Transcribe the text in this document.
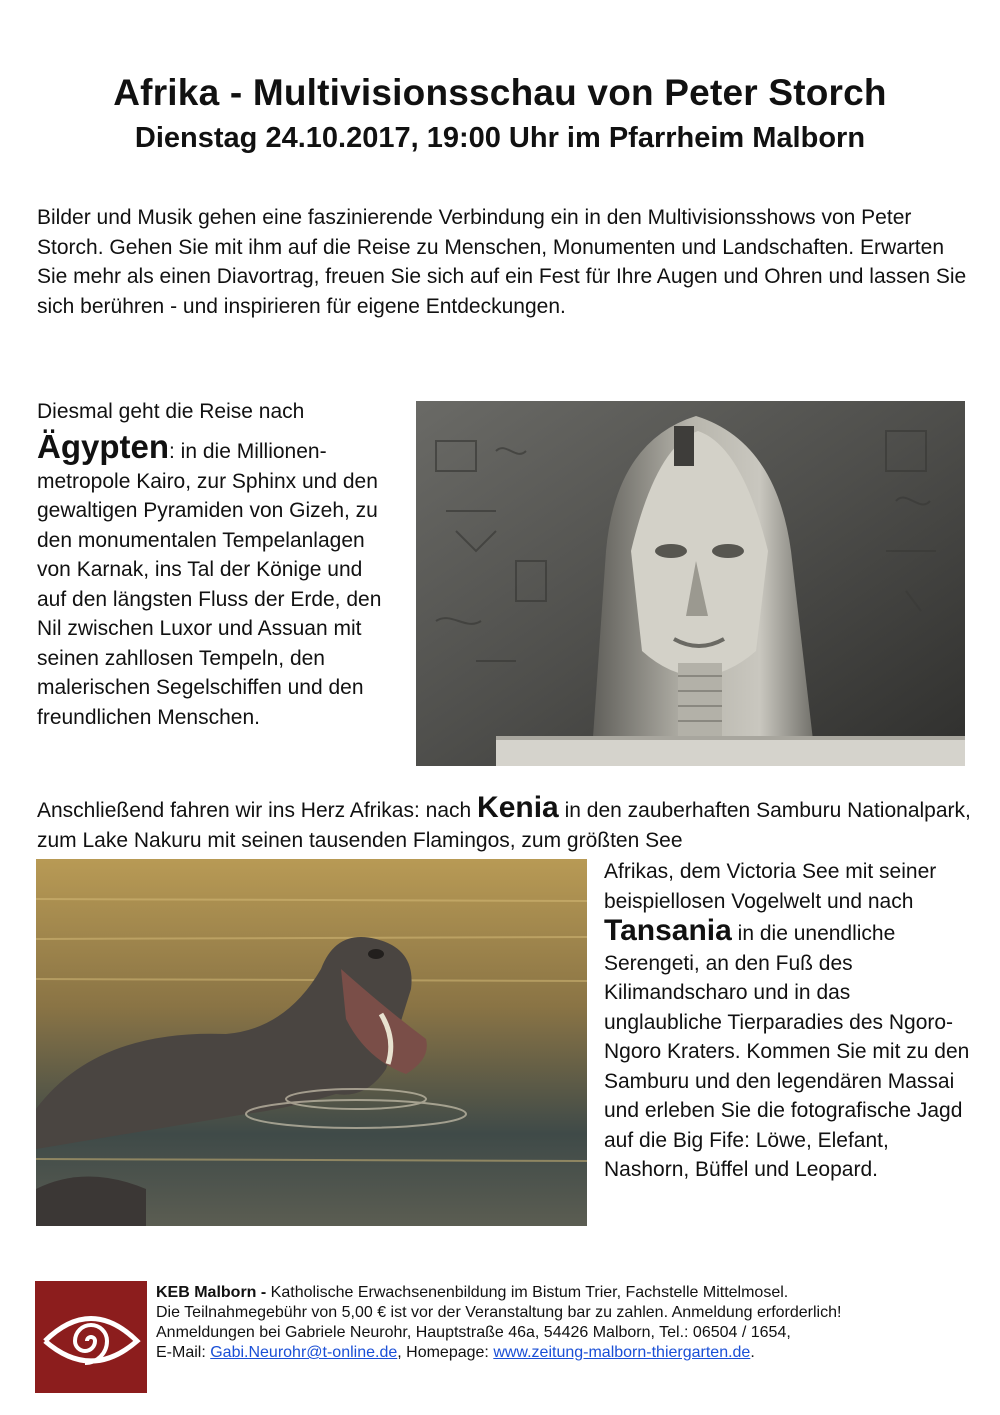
Afrika - Multivisionsschau von Peter Storch
Dienstag 24.10.2017, 19:00 Uhr im Pfarrheim Malborn

Bilder und Musik gehen eine faszinierende Verbindung ein in den Multivisionsshows von Peter Storch. Gehen Sie mit ihm auf die Reise zu Menschen, Monumenten und Landschaften. Erwarten Sie mehr als einen Diavortrag, freuen Sie sich auf ein Fest für Ihre Augen und Ohren und lassen Sie sich berühren - und inspirieren für eigene Entdeckungen.

Diesmal geht die Reise nach
Ägypten: in die Millionen-metropole Kairo, zur Sphinx und den gewaltigen Pyramiden von Gizeh, zu den monumentalen Tempelanlagen von Karnak, ins Tal der Könige und auf den längsten Fluss der Erde, den Nil zwischen Luxor und Assuan mit seinen zahllosen Tempeln, den malerischen Segelschiffen und den freundlichen Menschen.

Anschließend fahren wir ins Herz Afrikas: nach Kenia in den zauberhaften Samburu Nationalpark, zum Lake Nakuru mit seinen tausenden Flamingos, zum größten See

Afrikas, dem Victoria See mit seiner beispiellosen Vogelwelt und nach Tansania in die unendliche Serengeti, an den Fuß des Kilimandscharo und in das unglaubliche Tierparadies des Ngoro-Ngoro Kraters. Kommen Sie mit zu den Samburu und den legendären Massai und erleben Sie die fotografische Jagd auf die Big Fife: Löwe, Elefant, Nashorn, Büffel und Leopard.

KEB Malborn - Katholische Erwachsenenbildung im Bistum Trier, Fachstelle Mittelmosel.
Die Teilnahmegebühr von 5,00 € ist vor der Veranstaltung bar zu zahlen. Anmeldung erforderlich!
Anmeldungen bei Gabriele Neurohr, Hauptstraße 46a, 54426 Malborn, Tel.: 06504 / 1654,
E-Mail: Gabi.Neurohr@t-online.de, Homepage: www.zeitung-malborn-thiergarten.de.
